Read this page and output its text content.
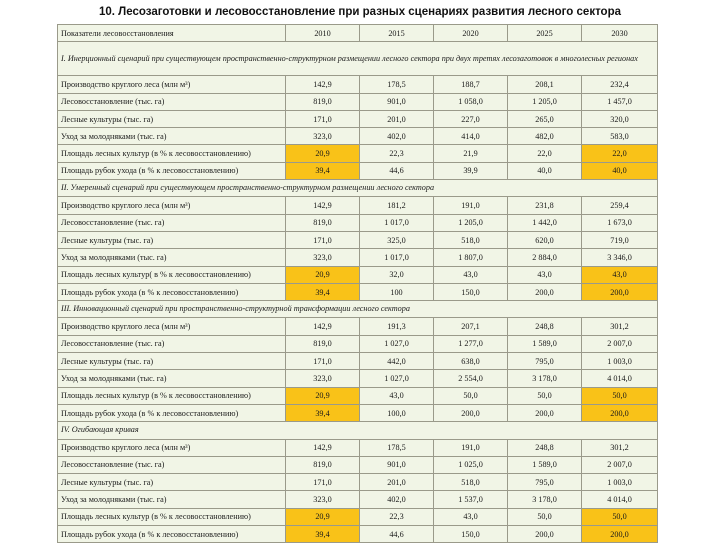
10. Лесозаготовки и лесовосстановление при разных сценариях развития лесного сектора
Показатели лесовосстановления	2010	2015	2020	2025	2030
I. Инерционный сценарий при существующем пространственно-структурном размещении лесного сектора при двух третях лесозаготовок в многолесных регионах					
Производство круглого леса (млн м³)	142,9	178,5	188,7	208,1	232,4
Лесовосстановление (тыс. га)	819,0	901,0	1 058,0	1 205,0	1 457,0
Лесные культуры (тыс. га)	171,0	201,0	227,0	265,0	320,0
Уход за молодняками (тыс. га)	323,0	402,0	414,0	482,0	583,0
Площадь лесных культур (в % к лесовосстановлению)	20,9	22,3	21,9	22,0	22,0
Площадь рубок ухода (в % к лесовосстановлению)	39,4	44,6	39,9	40,0	40,0
II. Умеренный сценарий при существующем пространственно-структурном размещении лесного сектора					
Производство круглого леса (млн м³)	142,9	181,2	191,0	231,8	259,4
Лесовосстановление (тыс. га)	819,0	1 017,0	1 205,0	1 442,0	1 673,0
Лесные культуры (тыс. га)	171,0	325,0	518,0	620,0	719,0
Уход за молодняками (тыс. га)	323,0	1 017,0	1 807,0	2 884,0	3 346,0
Площадь лесных культур( в % к лесовосстановлению)	20,9	32,0	43,0	43,0	43,0
Площадь рубок ухода (в % к лесовосстановлению)	39,4	100	150,0	200,0	200,0
III. Инновационный сценарий при пространственно-структурной трансформации лесного сектора					
Производство круглого леса (млн м³)	142,9	191,3	207,1	248,8	301,2
Лесовосстановление (тыс. га)	819,0	1 027,0	1 277,0	1 589,0	2 007,0
Лесные культуры (тыс. га)	171,0	442,0	638,0	795,0	1 003,0
Уход за молодняками (тыс. га)	323,0	1 027,0	2 554,0	3 178,0	4 014,0
Площадь лесных культур (в % к лесовосстановлению)	20,9	43,0	50,0	50,0	50,0
Площадь рубок ухода (в % к лесовосстановлению)	39,4	100,0	200,0	200,0	200,0
IV. Огибающая кривая					
Производство круглого леса (млн м³)	142,9	178,5	191,0	248,8	301,2
Лесовосстановление (тыс. га)	819,0	901,0	1 025,0	1 589,0	2 007,0
Лесные культуры (тыс. га)	171,0	201,0	518,0	795,0	1 003,0
Уход за молодняками (тыс. га)	323,0	402,0	1 537,0	3 178,0	4 014,0
Площадь лесных культур (в % к лесовосстановлению)	20,9	22,3	43,0	50,0	50,0
Площадь рубок ухода (в % к лесовосстановлению)	39,4	44,6	150,0	200,0	200,0
